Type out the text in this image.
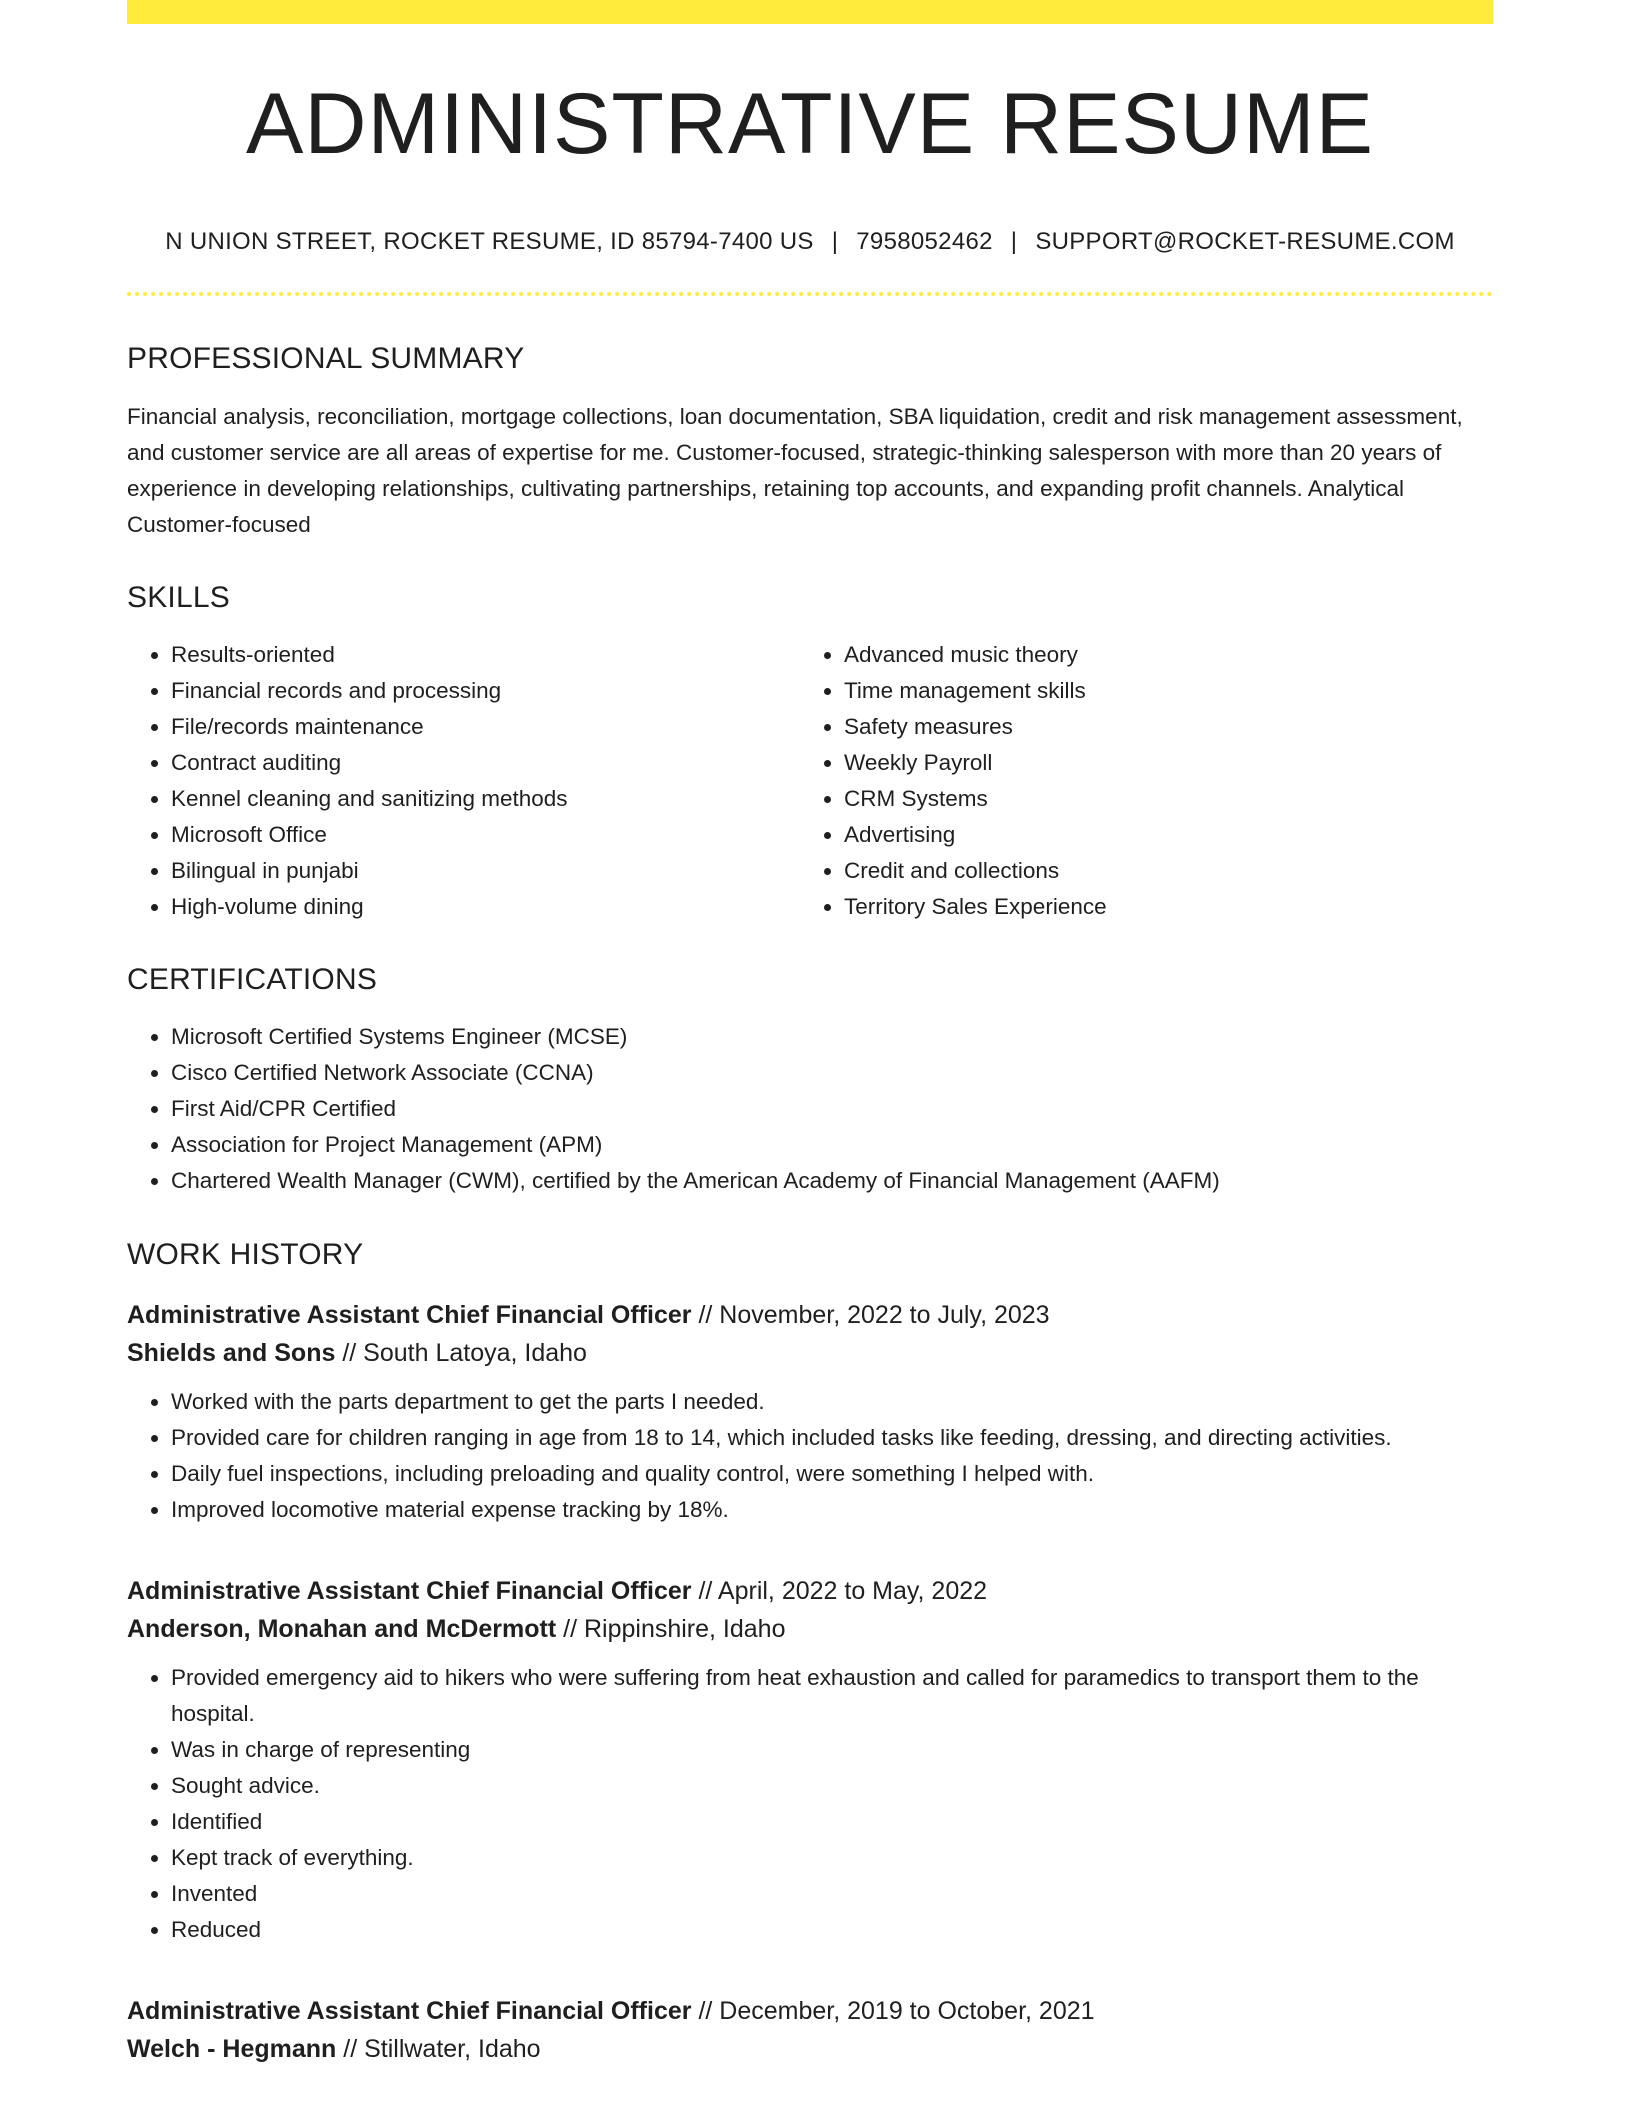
ADMINISTRATIVE RESUME
N UNION STREET, ROCKET RESUME, ID 85794-7400 US | 7958052462 | SUPPORT@ROCKET-RESUME.COM
PROFESSIONAL SUMMARY

Financial analysis, reconciliation, mortgage collections, loan documentation, SBA liquidation, credit and risk management assessment, and customer service are all areas of expertise for me. Customer-focused, strategic-thinking salesperson with more than 20 years of experience in developing relationships, cultivating partnerships, retaining top accounts, and expanding profit channels. Analytical Customer-focused

SKILLS
• Results-oriented
• Financial records and processing
• File/records maintenance
• Contract auditing
• Kennel cleaning and sanitizing methods
• Microsoft Office
• Bilingual in punjabi
• High-volume dining
• Advanced music theory
• Time management skills
• Safety measures
• Weekly Payroll
• CRM Systems
• Advertising
• Credit and collections
• Territory Sales Experience
CERTIFICATIONS
• Microsoft Certified Systems Engineer (MCSE)
• Cisco Certified Network Associate (CCNA)
• First Aid/CPR Certified
• Association for Project Management (APM)
• Chartered Wealth Manager (CWM), certified by the American Academy of Financial Management (AAFM)
WORK HISTORY
Administrative Assistant Chief Financial Officer // November, 2022 to July, 2023
Shields and Sons // South Latoya, Idaho
• Worked with the parts department to get the parts I needed.
• Provided care for children ranging in age from 18 to 14, which included tasks like feeding, dressing, and directing activities.
• Daily fuel inspections, including preloading and quality control, were something I helped with.
• Improved locomotive material expense tracking by 18%.
Administrative Assistant Chief Financial Officer // April, 2022 to May, 2022
Anderson, Monahan and McDermott // Rippinshire, Idaho
• Provided emergency aid to hikers who were suffering from heat exhaustion and called for paramedics to transport them to the hospital.
• Was in charge of representing
• Sought advice.
• Identified
• Kept track of everything.
• Invented
• Reduced
Administrative Assistant Chief Financial Officer // December, 2019 to October, 2021
Welch - Hegmann // Stillwater, Idaho
